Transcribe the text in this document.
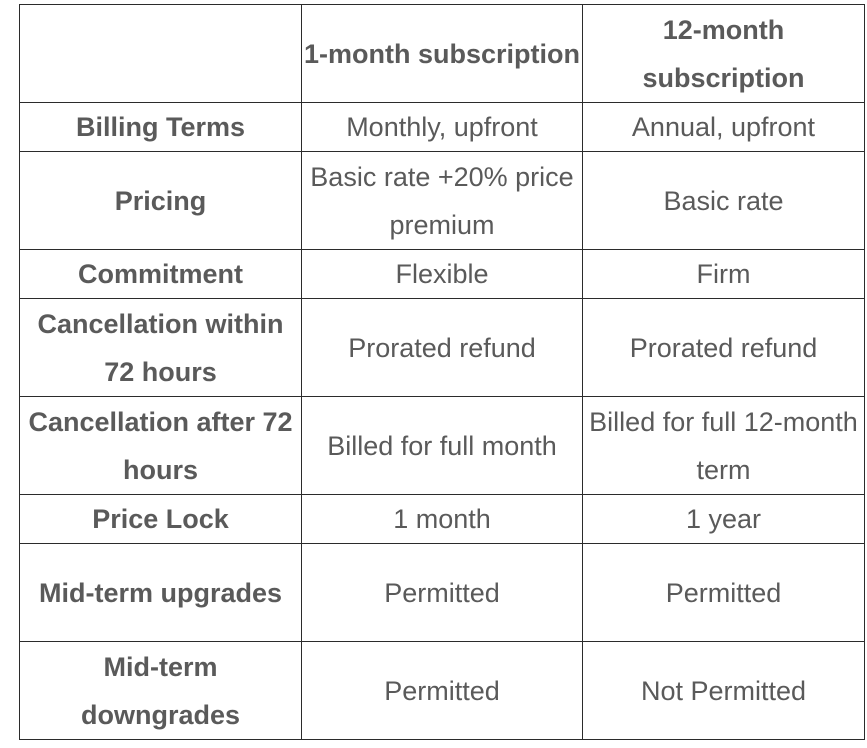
	1-month subscription	12-month subscription
Billing Terms	Monthly, upfront	Annual, upfront
Pricing	Basic rate +20% price premium	Basic rate
Commitment	Flexible	Firm
Cancellation within 72 hours	Prorated refund	Prorated refund
Cancellation after 72 hours	Billed for full month	Billed for full 12-month term
Price Lock	1 month	1 year
Mid-term upgrades	Permitted	Permitted
Mid-term downgrades	Permitted	Not Permitted
